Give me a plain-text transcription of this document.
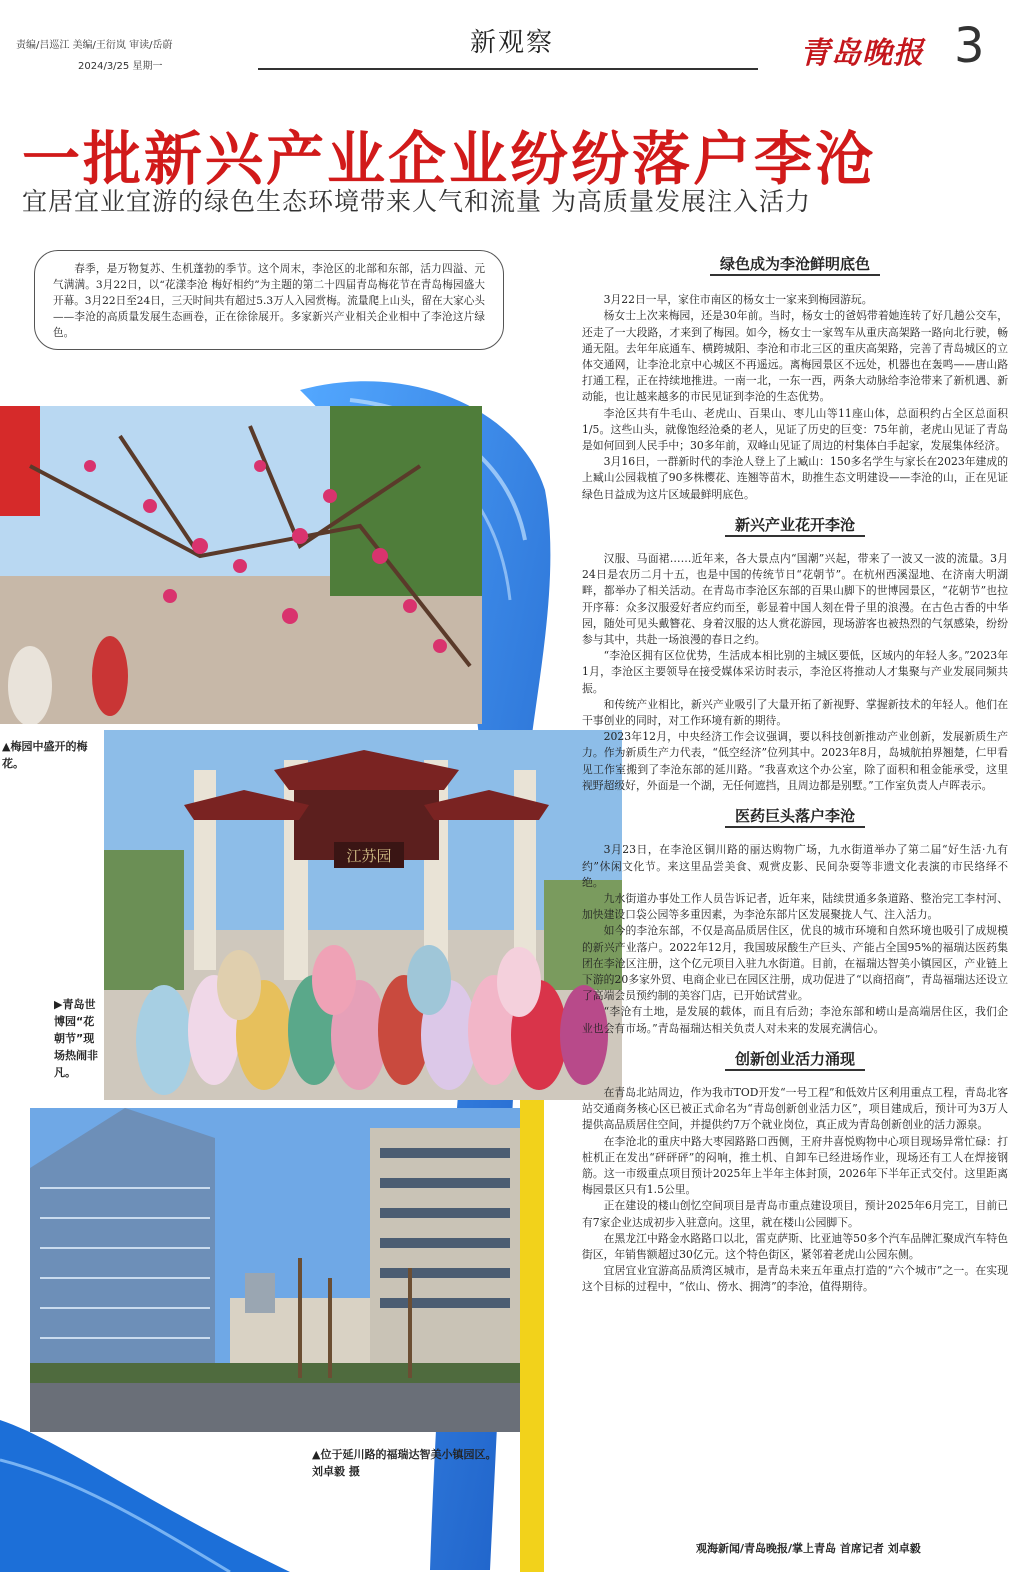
责编/吕巡江 美编/王衍岚 审读/岳蔚
2024/3/25 星期一
新观察	青岛晚报 3
一批新兴产业企业纷纷落户李沧
宜居宜业宜游的绿色生态环境带来人气和流量 为高质量发展注入活力

春季，是万物复苏、生机蓬勃的季节。这个周末，李沧区的北部和东部，活力四溢、元气满满。3月22日，以“花漾李沧 梅好相约”为主题的第二十四届青岛梅花节在青岛梅园盛大开幕。3月22日至24日，三天时间共有超过5.3万人入园赏梅。流量爬上山头，留在大家心头——李沧的高质量发展生态画卷，正在徐徐展开。多家新兴产业相关企业相中了李沧这片绿色。

▲梅园中盛开的梅花。
江苏园
▶青岛世博园“花朝节”现场热闹非凡。
▲位于延川路的福瑞达智美小镇园区。 刘卓毅 摄
绿色成为李沧鲜明底色

3月22日一早，家住市南区的杨女士一家来到梅园游玩。

杨女士上次来梅园，还是30年前。当时，杨女士的爸妈带着她连转了好几趟公交车，还走了一大段路，才来到了梅园。如今，杨女士一家驾车从重庆高架路一路向北行驶，畅通无阻。去年年底通车、横跨城阳、李沧和市北三区的重庆高架路，完善了青岛城区的立体交通网，让李沧北京中心城区不再遥远。离梅园景区不远处，机器也在轰鸣——唐山路打通工程，正在持续地推进。一南一北，一东一西，两条大动脉给李沧带来了新机遇、新动能，也让越来越多的市民见证到李沧的生态优势。

李沧区共有牛毛山、老虎山、百果山、枣儿山等11座山体，总面积约占全区总面积1/5。这些山头，就像饱经沧桑的老人，见证了历史的巨变：75年前，老虎山见证了青岛是如何回到人民手中；30多年前，双峰山见证了周边的村集体白手起家，发展集体经济。

3月16日，一群新时代的李沧人登上了上臧山：150多名学生与家长在2023年建成的上臧山公园栽植了90多株樱花、连翘等苗木，助推生态文明建设——李沧的山，正在见证绿色日益成为这片区域最鲜明底色。

新兴产业花开李沧

汉服、马面裙……近年来，各大景点内“国潮”兴起，带来了一波又一波的流量。3月24日是农历二月十五，也是中国的传统节日“花朝节”。在杭州西溪湿地、在济南大明湖畔，都举办了相关活动。在青岛市李沧区东部的百果山脚下的世博园景区，“花朝节”也拉开序幕：众多汉服爱好者应约而至，彰显着中国人刻在骨子里的浪漫。在古色古香的中华园，随处可见头戴簪花、身着汉服的达人赏花游园，现场游客也被热烈的气氛感染，纷纷参与其中，共赴一场浪漫的春日之约。

“李沧区拥有区位优势，生活成本相比别的主城区要低，区域内的年轻人多。”2023年1月，李沧区主要领导在接受媒体采访时表示，李沧区将推动人才集聚与产业发展同频共振。

和传统产业相比，新兴产业吸引了大量开拓了新视野、掌握新技术的年轻人。他们在干事创业的同时，对工作环境有新的期待。

2023年12月，中央经济工作会议强调，要以科技创新推动产业创新，发展新质生产力。作为新质生产力代表，“低空经济”位列其中。2023年8月，岛城航拍界翘楚，仁甲看见工作室搬到了李沧东部的延川路。“我喜欢这个办公室，除了面积和租金能承受，这里视野超级好，外面是一个湖，无任何遮挡，且周边都是别墅。”工作室负责人卢晖表示。

医药巨头落户李沧

3月23日，在李沧区铜川路的丽达购物广场，九水街道举办了第二届“好生活·九有约”休闲文化节。来这里品尝美食、观赏皮影、民间杂耍等非遗文化表演的市民络绎不绝。

九水街道办事处工作人员告诉记者，近年来，陆续贯通多条道路、整治完工李村河、加快建设口袋公园等多重因素，为李沧东部片区发展聚拢人气、注入活力。

如今的李沧东部，不仅是高品质居住区，优良的城市环境和自然环境也吸引了成规模的新兴产业落户。2022年12月，我国玻尿酸生产巨头、产能占全国95%的福瑞达医药集团在李沧区注册，这个亿元项目入驻九水街道。目前，在福瑞达智美小镇园区，产业链上下游的20多家外贸、电商企业已在园区注册，成功促进了“以商招商”，青岛福瑞达还设立了高端会员预约制的美容门店，已开始试营业。

“李沧有土地，是发展的载体，而且有后劲；李沧东部和崂山是高端居住区，我们企业也会有市场。”青岛福瑞达相关负责人对未来的发展充满信心。

创新创业活力涌现

在青岛北站周边，作为我市TOD开发“一号工程”和低效片区利用重点工程，青岛北客站交通商务核心区已被正式命名为“青岛创新创业活力区”，项目建成后，预计可为3万人提供高品质居住空间，并提供约7万个就业岗位，真正成为青岛创新创业的活力源泉。

在李沧北的重庆中路大枣园路路口西侧，王府井喜悦购物中心项目现场异常忙碌：打桩机正在发出“砰砰砰”的闷响，推土机、自卸车已经进场作业，现场还有工人在焊接钢筋。这一市级重点项目预计2025年上半年主体封顶，2026年下半年正式交付。这里距离梅园景区只有1.5公里。

正在建设的楼山创忆空间项目是青岛市重点建设项目，预计2025年6月完工，目前已有7家企业达成初步入驻意向。这里，就在楼山公园脚下。

在黑龙江中路金水路路口以北，雷克萨斯、比亚迪等50多个汽车品牌汇聚成汽车特色街区，年销售额超过30亿元。这个特色街区，紧邻着老虎山公园东侧。

宜居宜业宜游高品质湾区城市，是青岛未来五年重点打造的“六个城市”之一。在实现这个目标的过程中，“依山、傍水、拥湾”的李沧，值得期待。

观海新闻/青岛晚报/掌上青岛 首席记者 刘卓毅
